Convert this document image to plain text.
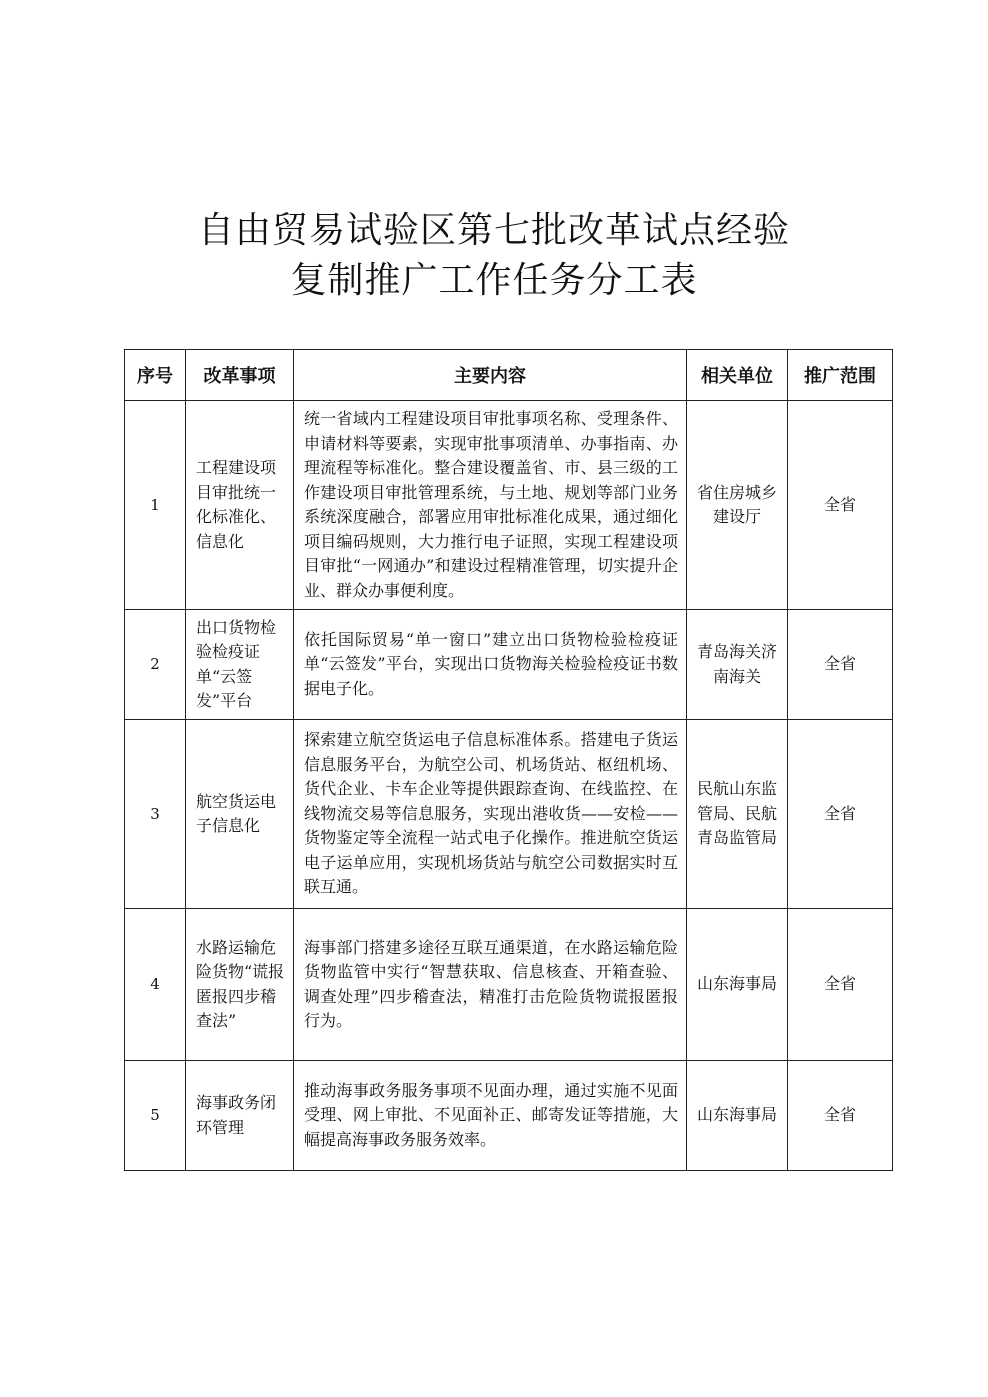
自由贸易试验区第七批改革试点经验
复制推广工作任务分工表
序号	改革事项	主要内容	相关单位	推广范围
1	工程建设项目审批统一化标准化、信息化	统一省域内工程建设项目审批事项名称、受理条件、申请材料等要素，实现审批事项清单、办事指南、办理流程等标准化。整合建设覆盖省、市、县三级的工作建设项目审批管理系统，与土地、规划等部门业务系统深度融合，部署应用审批标准化成果，通过细化项目编码规则，大力推行电子证照，实现工程建设项目审批“一网通办”和建设过程精准管理，切实提升企业、群众办事便利度。	省住房城乡建设厅	全省
2	出口货物检验检疫证单“云签发”平台	依托国际贸易“单一窗口”建立出口货物检验检疫证单“云签发”平台，实现出口货物海关检验检疫证书数据电子化。	青岛海关济南海关	全省
3	航空货运电子信息化	探索建立航空货运电子信息标准体系。搭建电子货运信息服务平台，为航空公司、机场货站、枢纽机场、货代企业、卡车企业等提供跟踪查询、在线监控、在线物流交易等信息服务，实现出港收货——安检——货物鉴定等全流程一站式电子化操作。推进航空货运电子运单应用，实现机场货站与航空公司数据实时互联互通。	民航山东监管局、民航青岛监管局	全省
4	水路运输危险货物“谎报匿报四步稽查法”	海事部门搭建多途径互联互通渠道，在水路运输危险货物监管中实行“智慧获取、信息核查、开箱查验、调查处理”四步稽查法，精准打击危险货物谎报匿报行为。	山东海事局	全省
5	海事政务闭环管理	推动海事政务服务事项不见面办理，通过实施不见面受理、网上审批、不见面补正、邮寄发证等措施，大幅提高海事政务服务效率。	山东海事局	全省
